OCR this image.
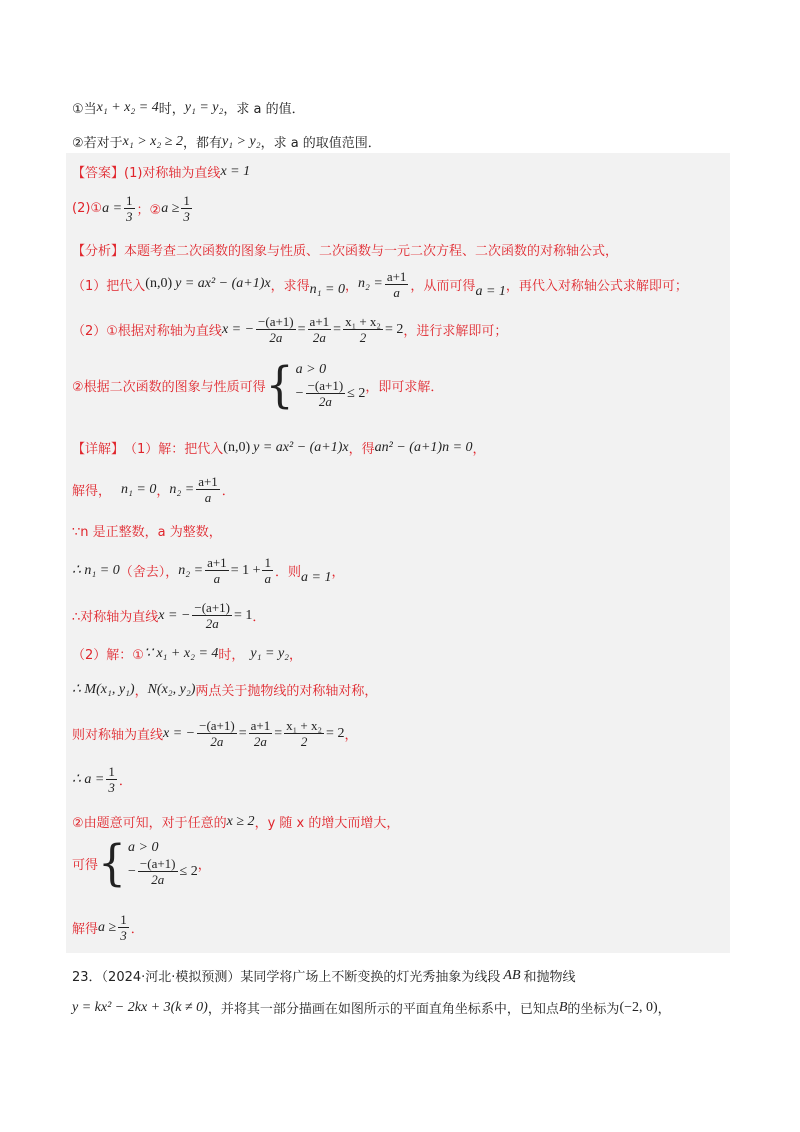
①当 x₁ + x₂ = 4 时， y₁ = y₂ ，求 a 的值．
②若对于 x₁ > x₂ ≥ 2 ，都有 y₁ > y₂ ，求 a 的取值范围．
【答案】 (1)对称轴为直线 x = 1
(2)① $a = \frac{1}{3}$ ；② $a \ge \frac{1}{3}$
【分析】 本题考查二次函数的图象与性质、二次函数与一元二次方程、二次函数的对称轴公式，
（1）把代入 (n,0) y = ax² − (a+1)x ，求得 n₁ = 0 ， $n_2 = \frac{a+1}{a}$ ，从而可得 a = 1 ，再代入对称轴公式求解即可；
（2）①根据对称轴为直线 x = − $\frac{-(a+1)}{2a} = \frac{a+1}{2a} = \frac{\text{x₁ + x₂}}{2} = 2$ ，进行求解即可；
②根据二次函数的图象与性质可得 { a > 0
− $\frac{-(a+1)}{2a} \le 2$ ，即可求解．
【详解】 （1）解：把代入 (n,0) y = ax² − (a+1)x ，得 an² − (a+1)n = 0 ，
解得， n₁ = 0 ， $n_2 = \frac{a+1}{a}$ ．
∵n 是正整数，a 为整数，
∴ n₁ = 0 （舍去）， $n_2 = \frac{a+1}{a} = 1 + \frac{1}{a}$ ．则 a = 1 ，
∴对称轴为直线 x = − $\frac{-(a+1)}{2a} = 1$ ．
（2）解：① ∵ x₁ + x₂ = 4 时， y₁ = y₂ ，
∴ M(x₁, y₁) ， N(x₂, y₂) 两点关于抛物线的对称轴对称，
则对称轴为直线 x = − $\frac{-(a+1)}{2a} = \frac{a+1}{2a} = \frac{\text{x₁ + x₂}}{2} = 2$ ，
∴ $a = \frac{1}{3}$ ．
②由题意可知，对于任意的 x ≥ 2 ，y 随 x 的增大而增大，
可得 { a > 0
− $\frac{-(a+1)}{2a} \le 2$ ，
解得 $a \ge \frac{1}{3}$ ．
23．（2024·河北·模拟预测）某同学将广场上不断变换的灯光秀抽象为线段 AB 和抛物线
y = kx² − 2kx + 3(k ≠ 0) ，并将其一部分描画在如图所示的平面直角坐标系中，已知点 B 的坐标为 (−2, 0) ，
